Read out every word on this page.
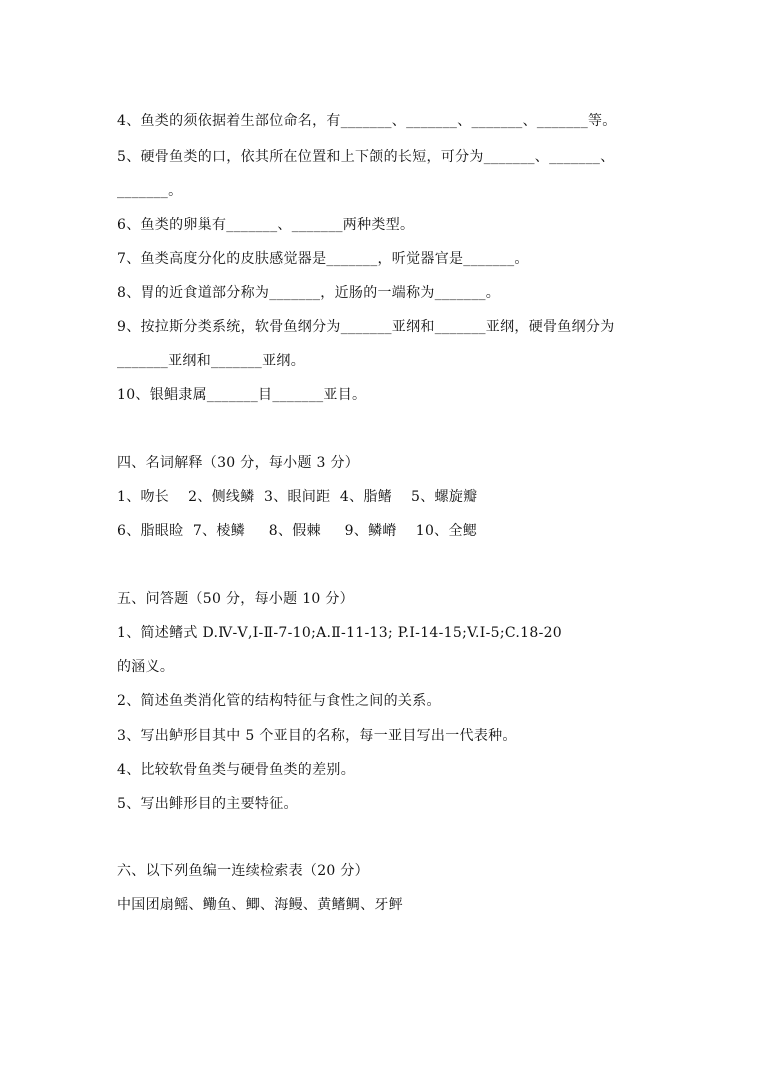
4、鱼类的须依据着生部位命名，有_______、_______、_______、_______等。
5、硬骨鱼类的口，依其所在位置和上下颌的长短，可分为_______、_______、
_______。
6、鱼类的卵巢有_______、_______两种类型。
7、鱼类高度分化的皮肤感觉器是_______，听觉器官是_______。
8、胃的近食道部分称为_______，近肠的一端称为_______。
9、按拉斯分类系统，软骨鱼纲分为_______亚纲和_______亚纲，硬骨鱼纲分为
_______亚纲和_______亚纲。
10、银鲳隶属_______目_______亚目。
四、名词解释（30 分，每小题 3 分）
1、吻长    2、侧线鳞  3、眼间距  4、脂鳍    5、螺旋瓣
6、脂眼睑  7、棱鳞     8、假棘     9、鳞嵴    10、全鳃
五、问答题（50 分，每小题 10 分）
1、简述鳍式 D.Ⅳ-Ⅴ,Ⅰ-Ⅱ-7-10;A.Ⅱ-11-13; P.Ⅰ-14-15;V.Ⅰ-5;C.18-20
的涵义。
2、简述鱼类消化管的结构特征与食性之间的关系。
3、写出鲈形目其中 5 个亚目的名称，每一亚目写出一代表种。
4、比较软骨鱼类与硬骨鱼类的差别。
5、写出鲱形目的主要特征。
六、以下列鱼编一连续检索表（20 分）
中国团扇鳐、鳓鱼、鲫、海鳗、黄鳍鲷、牙鲆
